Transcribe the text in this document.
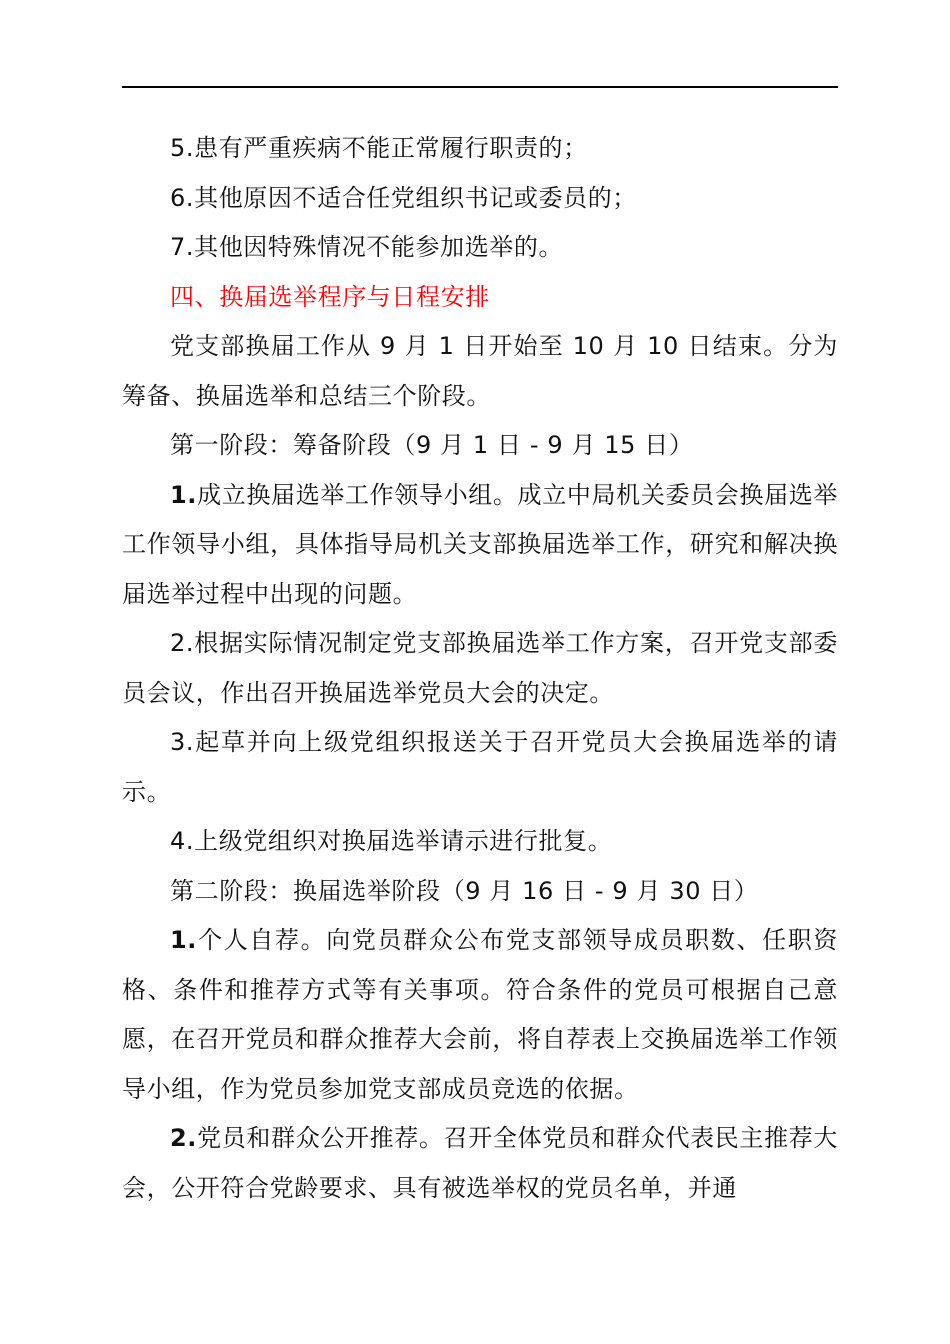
5.患有严重疾病不能正常履行职责的；

6.其他原因不适合任党组织书记或委员的；

7.其他因特殊情况不能参加选举的。

四、换届选举程序与日程安排

党支部换届工作从 9 月 1 日开始至 10 月 10 日结束。分为筹备、换届选举和总结三个阶段。

第一阶段：筹备阶段（9 月 1 日 - 9 月 15 日）

1.成立换届选举工作领导小组。成立中局机关委员会换届选举工作领导小组，具体指导局机关支部换届选举工作，研究和解决换届选举过程中出现的问题。

2.根据实际情况制定党支部换届选举工作方案，召开党支部委员会议，作出召开换届选举党员大会的决定。

3.起草并向上级党组织报送关于召开党员大会换届选举的请示。

4.上级党组织对换届选举请示进行批复。

第二阶段：换届选举阶段（9 月 16 日 - 9 月 30 日）

1.个人自荐。向党员群众公布党支部领导成员职数、任职资格、条件和推荐方式等有关事项。符合条件的党员可根据自己意愿，在召开党员和群众推荐大会前，将自荐表上交换届选举工作领导小组，作为党员参加党支部成员竞选的依据。

2.党员和群众公开推荐。召开全体党员和群众代表民主推荐大会，公开符合党龄要求、具有被选举权的党员名单，并通
